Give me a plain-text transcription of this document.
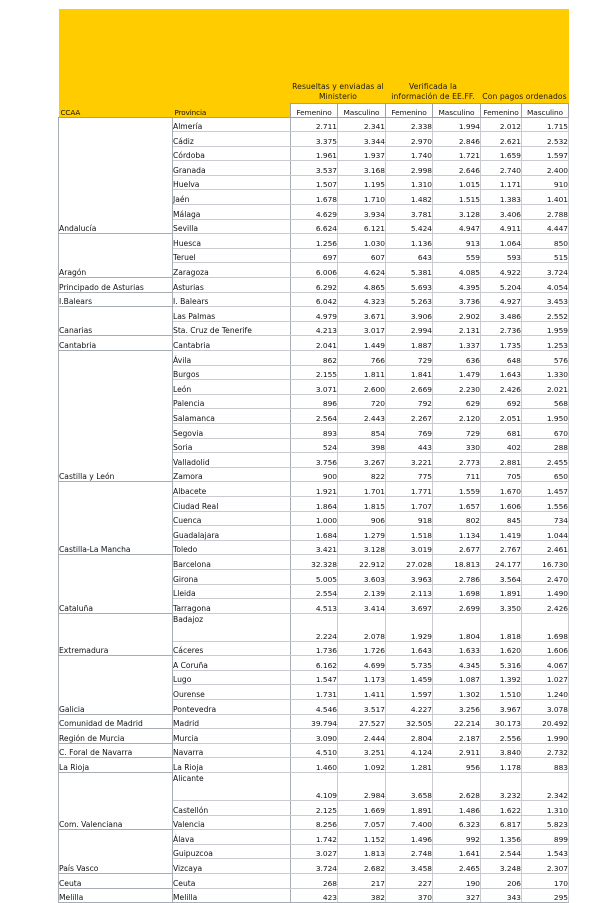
		Resueltas y enviadas al Ministerio		Verificada la información de EE.FF.		Con pagos ordenados	
CCAA	Provincia	Femenino	Masculino	Femenino	Masculino	Femenino	Masculino
Andalucía	Almería	2.711	2.341	2.338	1.994	2.012	1.715
	Cádiz	3.375	3.344	2.970	2.846	2.621	2.532
	Córdoba	1.961	1.937	1.740	1.721	1.659	1.597
	Granada	3.537	3.168	2.998	2.646	2.740	2.400
	Huelva	1.507	1.195	1.310	1.015	1.171	910
	Jaén	1.678	1.710	1.482	1.515	1.383	1.401
	Málaga	4.629	3.934	3.781	3.128	3.406	2.788
	Sevilla	6.624	6.121	5.424	4.947	4.911	4.447
Aragón	Huesca	1.256	1.030	1.136	913	1.064	850
	Teruel	697	607	643	559	593	515
	Zaragoza	6.006	4.624	5.381	4.085	4.922	3.724
Principado de Asturias	Asturias	6.292	4.865	5.693	4.395	5.204	4.054
I.Balears	I. Balears	6.042	4.323	5.263	3.736	4.927	3.453
Canarias	Las Palmas	4.979	3.671	3.906	2.902	3.486	2.552
	Sta. Cruz de Tenerife	4.213	3.017	2.994	2.131	2.736	1.959
Cantabria	Cantabria	2.041	1.449	1.887	1.337	1.735	1.253
Castilla y León	Ávila	862	766	729	636	648	576
	Burgos	2.155	1.811	1.841	1.479	1.643	1.330
	León	3.071	2.600	2.669	2.230	2.426	2.021
	Palencia	896	720	792	629	692	568
	Salamanca	2.564	2.443	2.267	2.120	2.051	1.950
	Segovia	893	854	769	729	681	670
	Soria	524	398	443	330	402	288
	Valladolid	3.756	3.267	3.221	2.773	2.881	2.455
	Zamora	900	822	775	711	705	650
Castilla-La Mancha	Albacete	1.921	1.701	1.771	1.559	1.670	1.457
	Ciudad Real	1.864	1.815	1.707	1.657	1.606	1.556
	Cuenca	1.000	906	918	802	845	734
	Guadalajara	1.684	1.279	1.518	1.134	1.419	1.044
	Toledo	3.421	3.128	3.019	2.677	2.767	2.461
Cataluña	Barcelona	32.328	22.912	27.028	18.813	24.177	16.730
	Girona	5.005	3.603	3.963	2.786	3.564	2.470
	Lleida	2.554	2.139	2.113	1.698	1.891	1.490
	Tarragona	4.513	3.414	3.697	2.699	3.350	2.426
Extremadura	Badajoz	2.224	2.078	1.929	1.804	1.818	1.698
	Cáceres	1.736	1.726	1.643	1.633	1.620	1.606
Galicia	A Coruña	6.162	4.699	5.735	4.345	5.316	4.067
	Lugo	1.547	1.173	1.459	1.087	1.392	1.027
	Ourense	1.731	1.411	1.597	1.302	1.510	1.240
	Pontevedra	4.546	3.517	4.227	3.256	3.967	3.078
Comunidad de Madrid	Madrid	39.794	27.527	32.505	22.214	30.173	20.492
Región de Murcia	Murcia	3.090	2.444	2.804	2.187	2.556	1.990
C. Foral de Navarra	Navarra	4.510	3.251	4.124	2.911	3.840	2.732
La Rioja	La Rioja	1.460	1.092	1.281	956	1.178	883
Com. Valenciana	Alicante	4.109	2.984	3.658	2.628	3.232	2.342
	Castellón	2.125	1.669	1.891	1.486	1.622	1.310
	Valencia	8.256	7.057	7.400	6.323	6.817	5.823
País Vasco	Álava	1.742	1.152	1.496	992	1.356	899
	Guipuzcoa	3.027	1.813	2.748	1.641	2.544	1.543
	Vizcaya	3.724	2.682	3.458	2.465	3.248	2.307
Ceuta	Ceuta	268	217	227	190	206	170
Melilla	Melilla	423	382	370	327	343	295
